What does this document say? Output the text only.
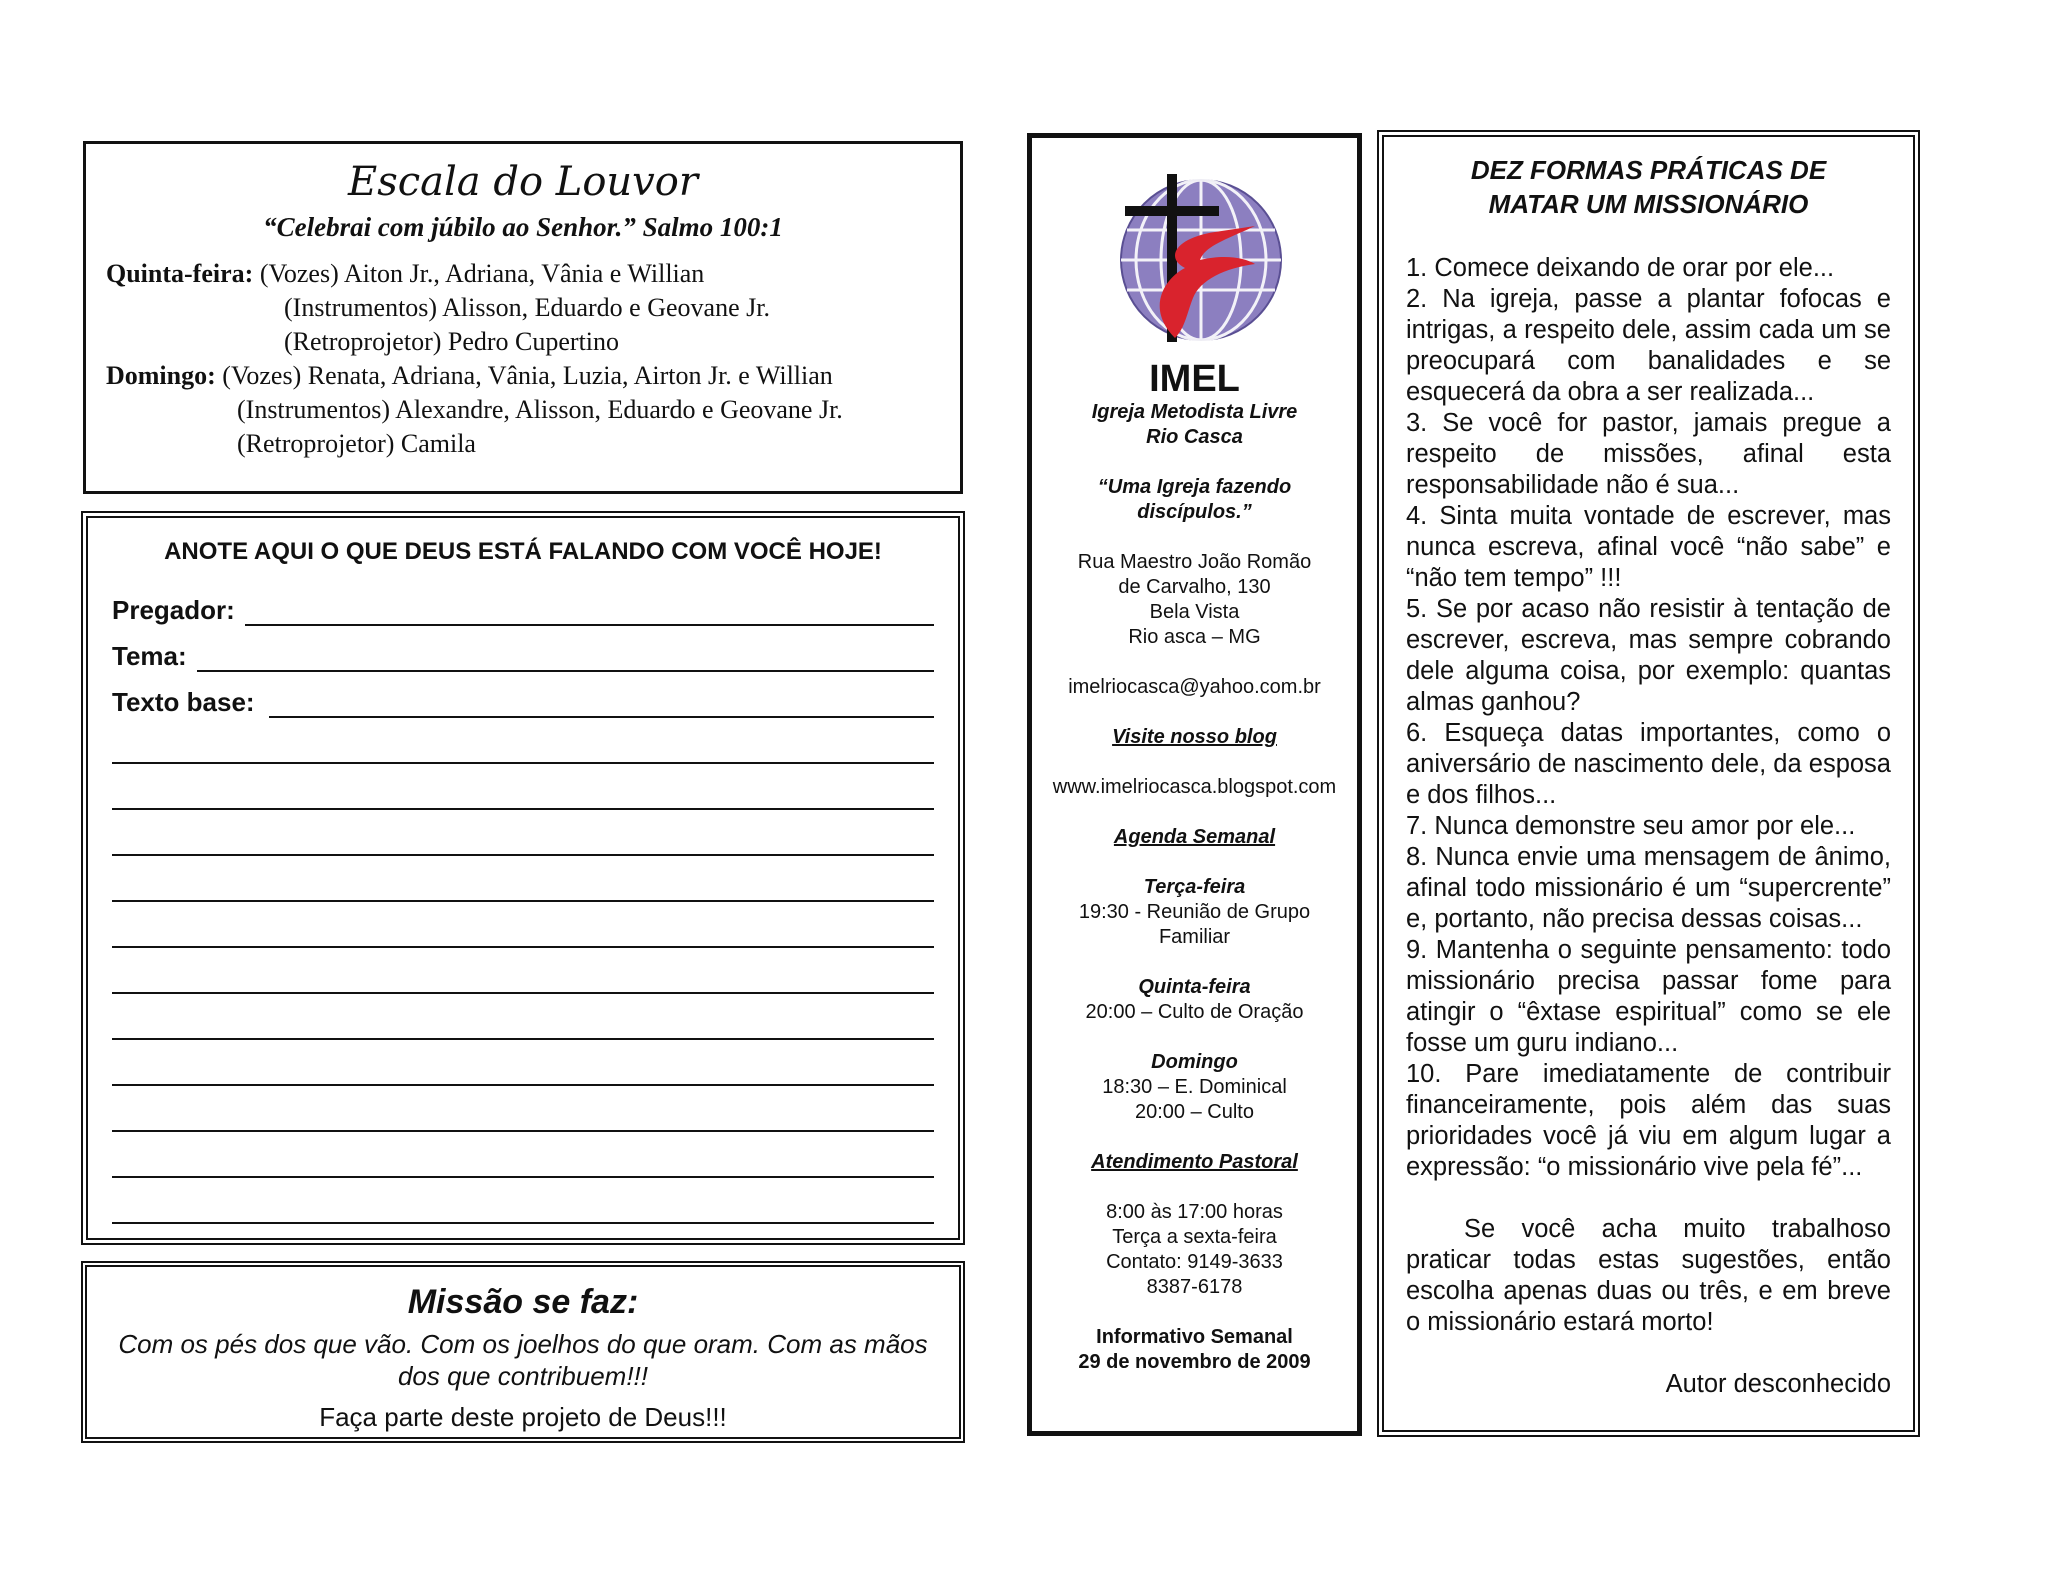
Escala do Louvor
“Celebrai com júbilo ao Senhor.” Salmo 100:1
Quinta-feira: (Vozes) Aiton Jr., Adriana, Vânia e Willian
(Instrumentos) Alisson, Eduardo e Geovane Jr.
(Retroprojetor) Pedro Cupertino
Domingo: (Vozes) Renata, Adriana, Vânia, Luzia, Airton Jr. e Willian
(Instrumentos) Alexandre, Alisson, Eduardo e Geovane Jr.
(Retroprojetor) Camila
ANOTE AQUI O QUE DEUS ESTÁ FALANDO COM VOCÊ HOJE!
Pregador:
Tema:
Texto base:
Missão se faz:
Com os pés dos que vão. Com os joelhos do que oram. Com as mãos dos que contribuem!!!
Faça parte deste projeto de Deus!!!
IMEL
Igreja Metodista Livre
Rio Casca
“Uma Igreja fazendo
discípulos.”
Rua Maestro João Romão
de Carvalho, 130
Bela Vista
Rio asca – MG
imelriocasca@yahoo.com.br
Visite nosso blog
www.imelriocasca.blogspot.com
Agenda Semanal
Terça-feira
19:30 - Reunião de Grupo
Familiar
Quinta-feira
20:00 – Culto de Oração
Domingo
18:30 – E. Dominical
20:00 – Culto
Atendimento Pastoral
8:00 às 17:00 horas
Terça a sexta-feira
Contato: 9149-3633
8387-6178
Informativo Semanal
29 de novembro de 2009
DEZ FORMAS PRÁTICAS DE
MATAR UM MISSIONÁRIO
1. Comece deixando de orar por ele...
2. Na igreja, passe a plantar fofocas e intrigas, a respeito dele, assim cada um se preocupará com banalidades e se esquecerá da obra a ser realizada...
3. Se você for pastor, jamais pregue a respeito de missões, afinal esta responsabilidade não é sua...
4. Sinta muita vontade de escrever, mas nunca escreva, afinal você “não sabe” e “não tem tempo” !!!
5. Se por acaso não resistir à tentação de escrever, escreva, mas sempre cobrando dele alguma coisa, por exemplo: quantas almas ganhou?
6. Esqueça datas importantes, como o aniversário de nascimento dele, da esposa e dos filhos...
7. Nunca demonstre seu amor por ele...
8. Nunca envie uma mensagem de ânimo, afinal todo missionário é um “supercrente” e, portanto, não precisa dessas coisas...
9. Mantenha o seguinte pensamento: todo missionário precisa passar fome para atingir o “êxtase espiritual” como se ele fosse um guru indiano...
10. Pare imediatamente de contribuir financeiramente, pois além das suas prioridades você já viu em algum lugar a expressão: “o missionário vive pela fé”...
Se você acha muito trabalhoso praticar todas estas sugestões, então escolha apenas duas ou três, e em breve o missionário estará morto!
Autor desconhecido
